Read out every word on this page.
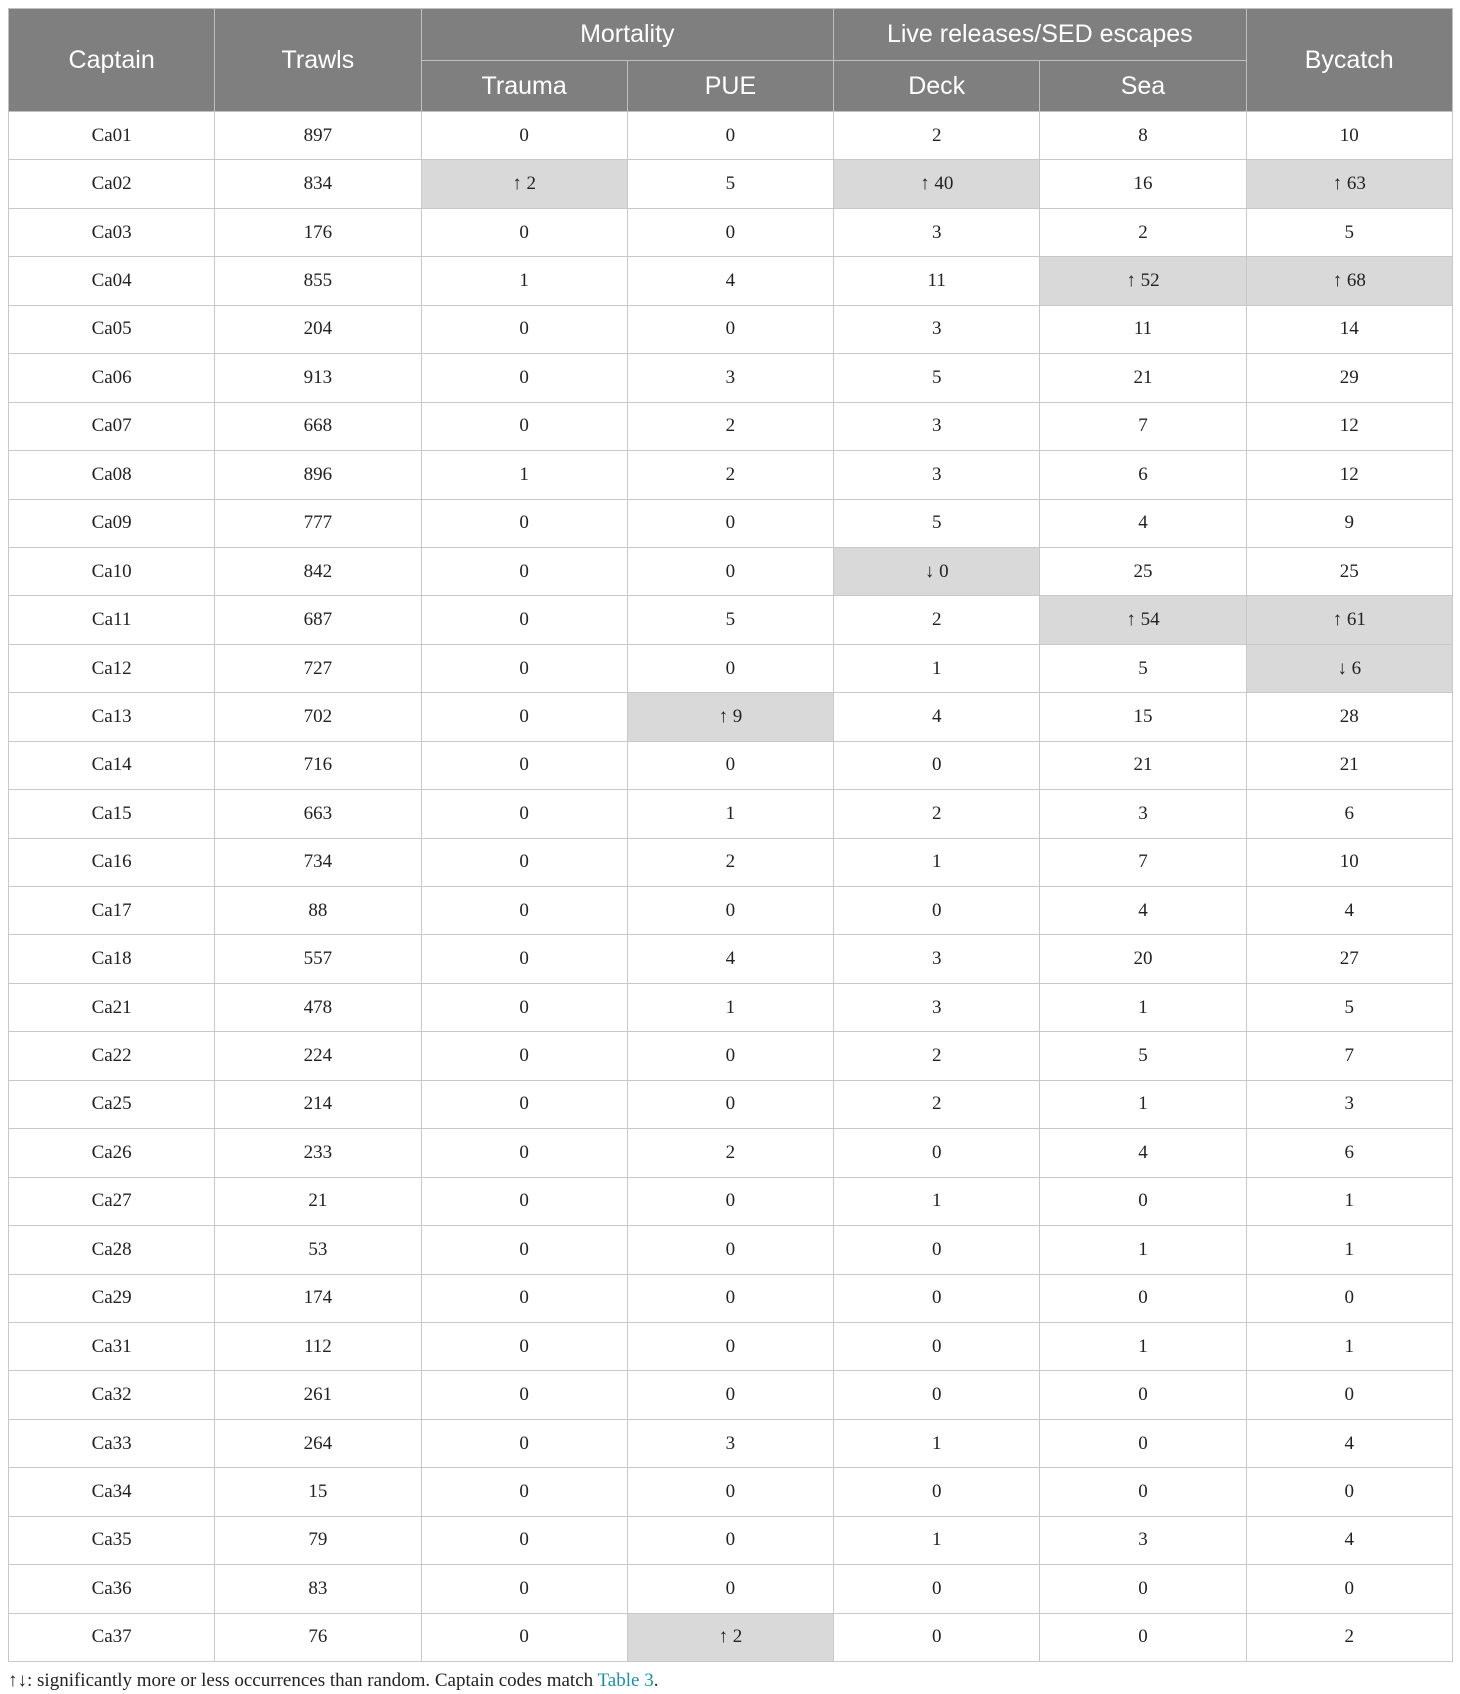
Captain	Trawls	Mortality		Live releases/SED escapes		Bycatch
		Trauma	PUE	Deck	Sea	
Ca01	897	0	0	2	8	10
Ca02	834	↑ 2	5	↑ 40	16	↑ 63
Ca03	176	0	0	3	2	5
Ca04	855	1	4	11	↑ 52	↑ 68
Ca05	204	0	0	3	11	14
Ca06	913	0	3	5	21	29
Ca07	668	0	2	3	7	12
Ca08	896	1	2	3	6	12
Ca09	777	0	0	5	4	9
Ca10	842	0	0	↓ 0	25	25
Ca11	687	0	5	2	↑ 54	↑ 61
Ca12	727	0	0	1	5	↓ 6
Ca13	702	0	↑ 9	4	15	28
Ca14	716	0	0	0	21	21
Ca15	663	0	1	2	3	6
Ca16	734	0	2	1	7	10
Ca17	88	0	0	0	4	4
Ca18	557	0	4	3	20	27
Ca21	478	0	1	3	1	5
Ca22	224	0	0	2	5	7
Ca25	214	0	0	2	1	3
Ca26	233	0	2	0	4	6
Ca27	21	0	0	1	0	1
Ca28	53	0	0	0	1	1
Ca29	174	0	0	0	0	0
Ca31	112	0	0	0	1	1
Ca32	261	0	0	0	0	0
Ca33	264	0	3	1	0	4
Ca34	15	0	0	0	0	0
Ca35	79	0	0	1	3	4
Ca36	83	0	0	0	0	0
Ca37	76	0	↑ 2	0	0	2
↑↓: significantly more or less occurrences than random. Captain codes match Table 3.
